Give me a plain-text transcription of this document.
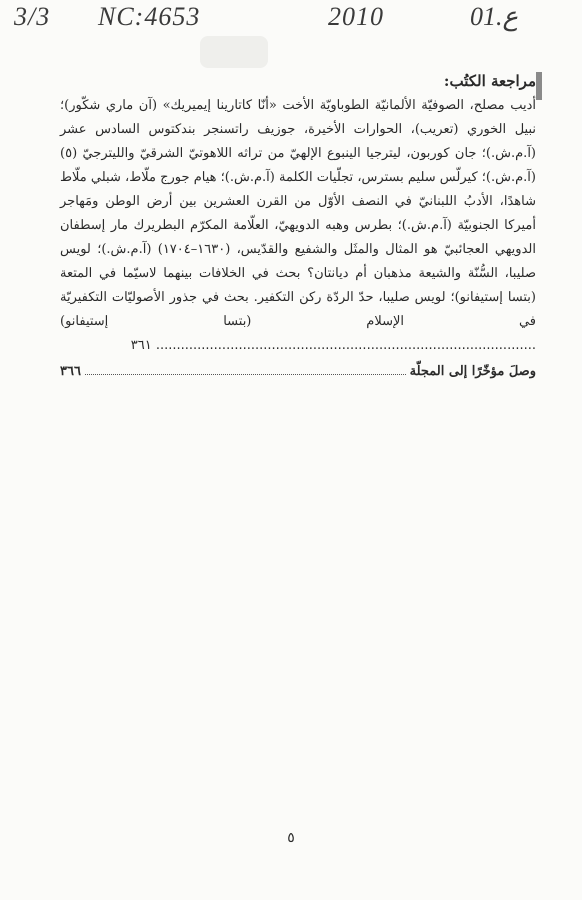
3/3 NC:4653	2010	01.ع
مراجعة الكتُب:
أديب مصلح، الصوفيّة الألمانيّة الطوباويّة الأخت «أنّا كاتارينا إيميريك» (آن ماري شكّور)؛ نبيل الخوري (تعريب)، الحوارات الأخيرة، جوزيف راتسنجر بندكتوس السادس عشر (آ.م.ش.)؛ جان كوربون، ليترجيا الينبوع الإلهيّ من تراثه اللاهوتيّ الشرقيّ والليترجيّ (٥) (آ.م.ش.)؛ كيرلّس سليم بسترس، تجلّيات الكلمة (آ.م.ش.)؛ هيام جورج ملّاط، شبلي ملّاط شاهدًا، الأدبُ اللبنانيّ في النصف الأوّل من القرن العشرين بين أرض الوطن ومَهاجر أميركا الجنوبيّة (آ.م.ش.)؛ بطرس وهبه الدويهيّ، العلّامة المكرّم البطريرك مار إسطفان الدويهي العجائبيّ هو المثال والمثَل والشفيع والقدّيس، (١٦٣٠–١٧٠٤) (آ.م.ش.)؛ لويس صليبا، السُّنّة والشيعة مذهبان أم ديانتان؟ بحث في الخلافات بينهما لاسيّما في المتعة (بتسا إستيفانو)؛ لويس صليبا، حدّ الردّة ركن التكفير. بحث في جذور الأصوليّات التكفيريّة في الإسلام (بتسا إستيفانو) ............................................................................................ ٣٦١
وصلَ مؤخّرًا إلى المجلّة
٣٦٦
٥
